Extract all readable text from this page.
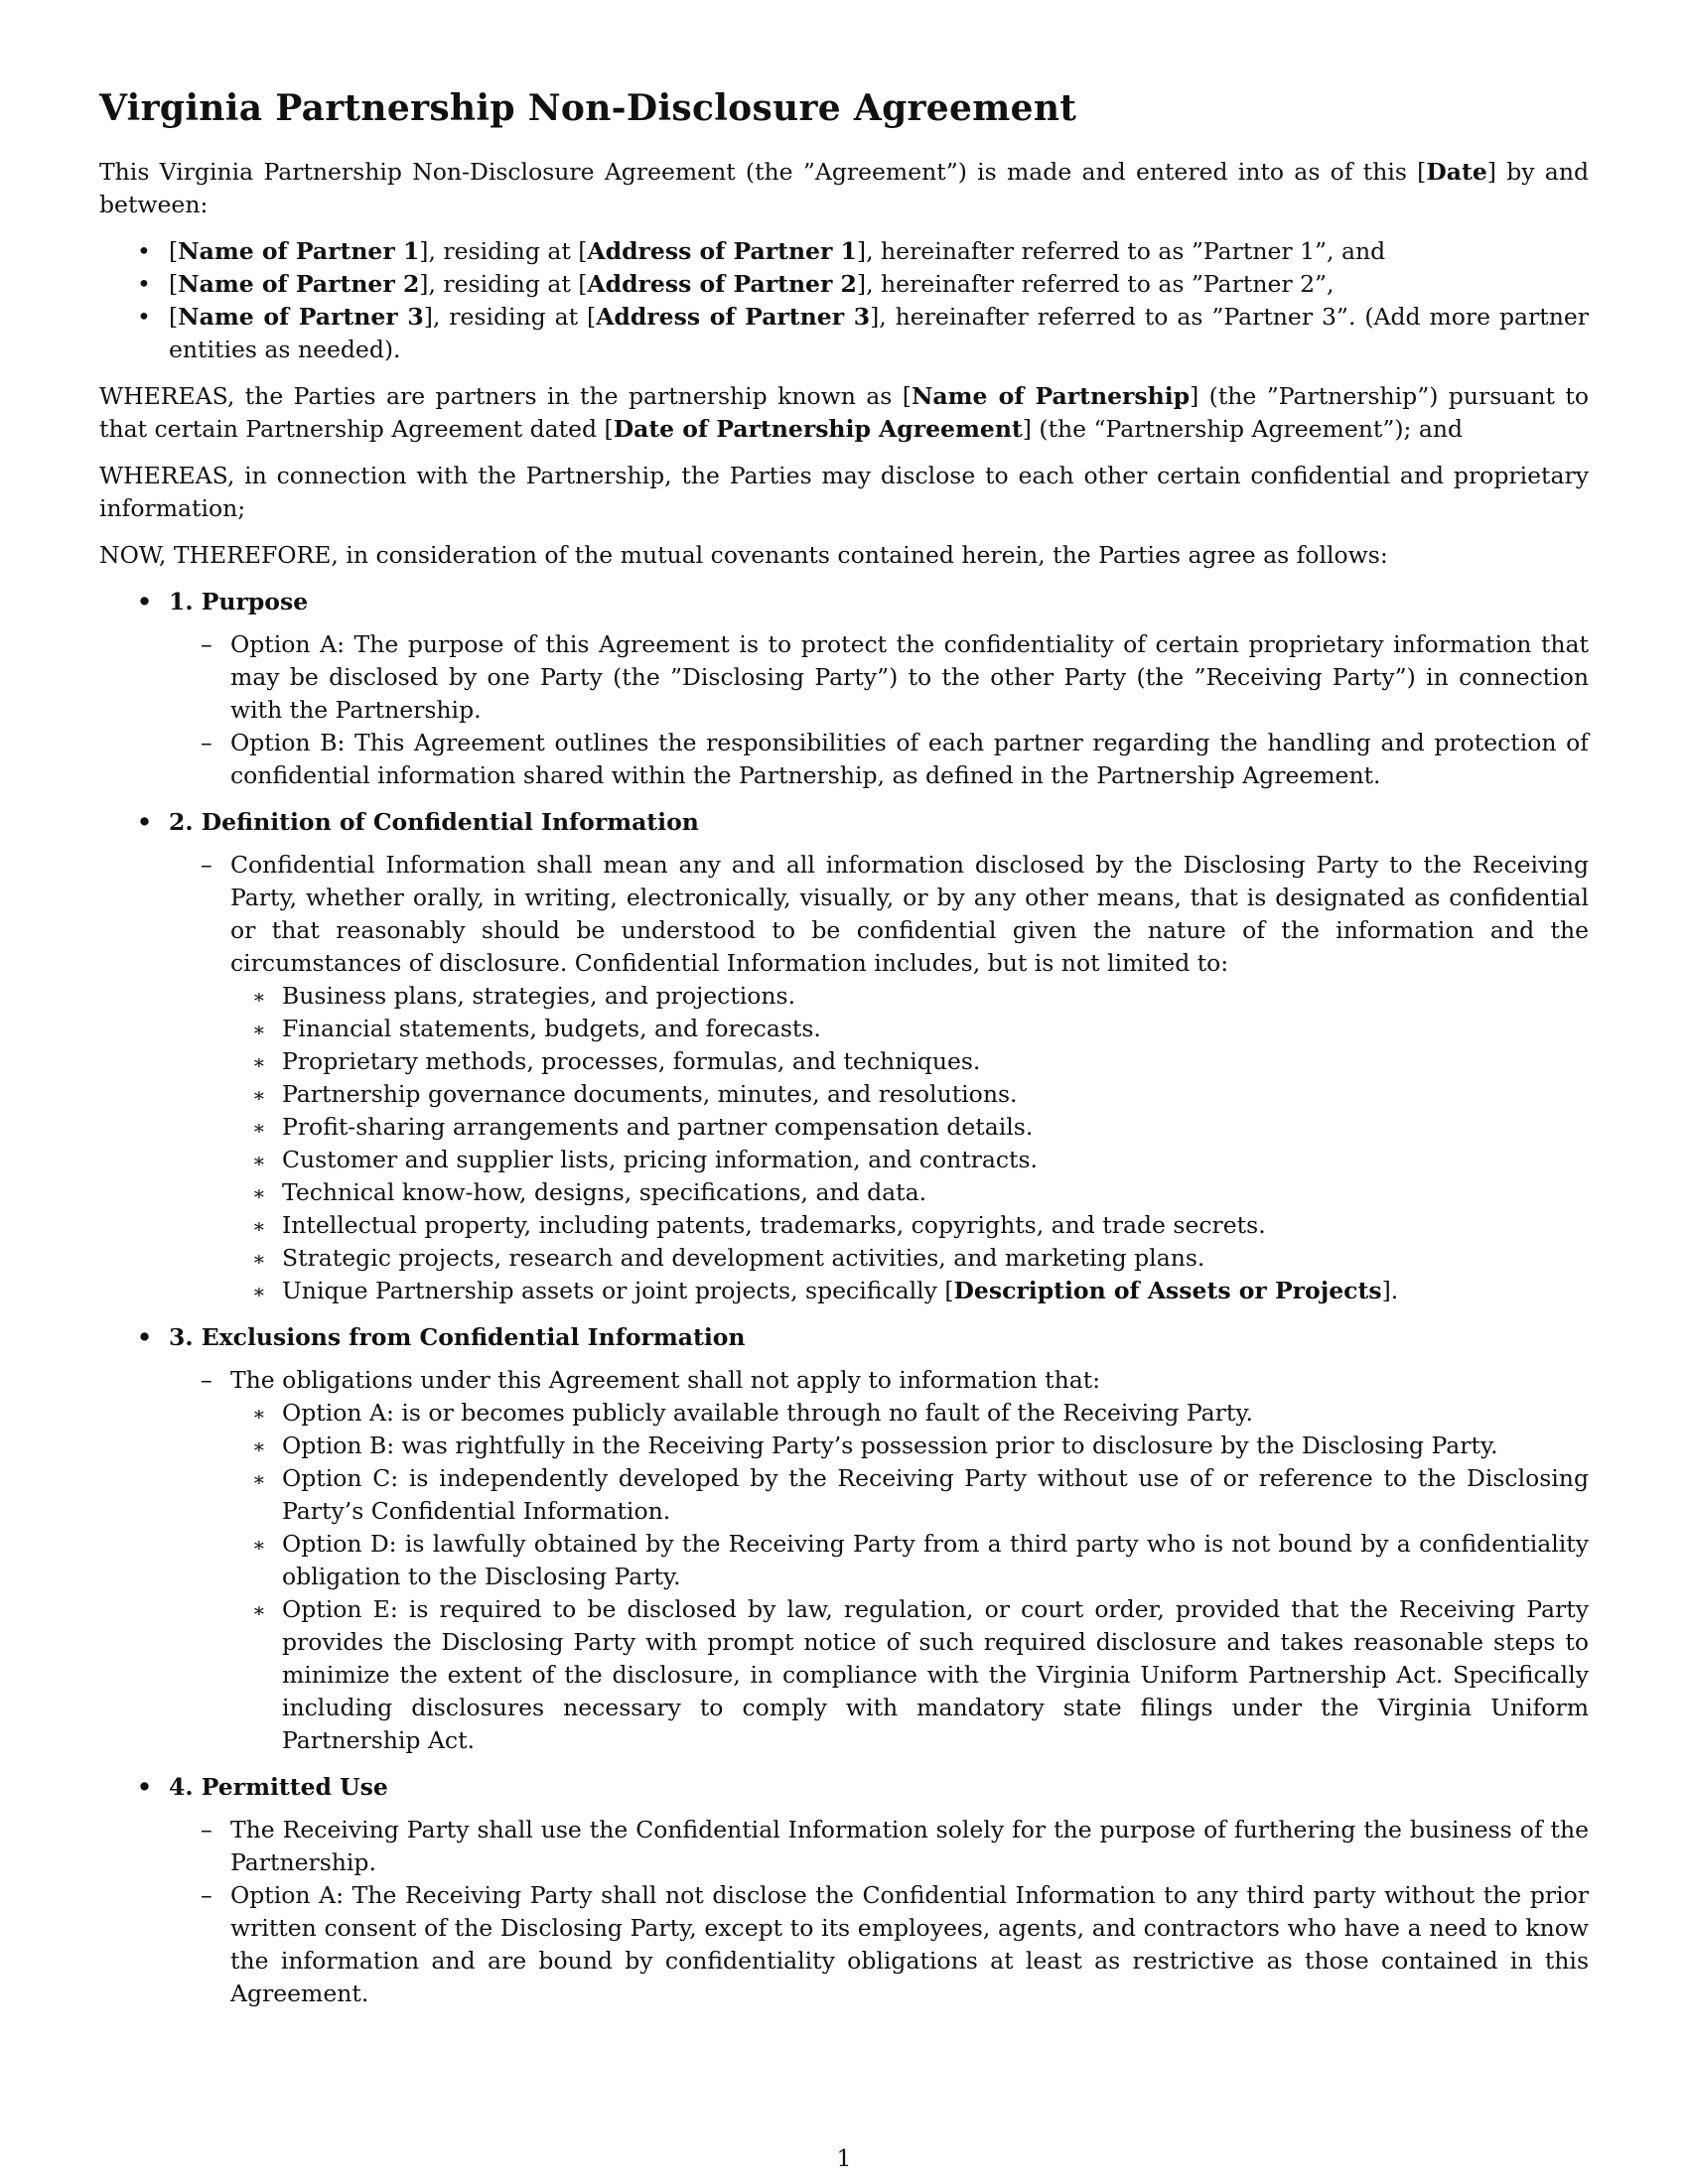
Virginia Partnership Non-Disclosure Agreement

This Virginia Partnership Non-Disclosure Agreement (the ”Agreement”) is made and entered into as of this [Date] by and between:

• [Name of Partner 1], residing at [Address of Partner 1], hereinafter referred to as ”Partner 1”, and
• [Name of Partner 2], residing at [Address of Partner 2], hereinafter referred to as ”Partner 2”,
• [Name of Partner 3], residing at [Address of Partner 3], hereinafter referred to as ”Partner 3”. (Add more partner entities as needed).

WHEREAS, the Parties are partners in the partnership known as [Name of Partnership] (the ”Partnership”) pursuant to that certain Partnership Agreement dated [Date of Partnership Agreement] (the “Partnership Agreement”); and

WHEREAS, in connection with the Partnership, the Parties may disclose to each other certain confidential and proprietary information;

NOW, THEREFORE, in consideration of the mutual covenants contained herein, the Parties agree as follows:

• 1. Purpose
– Option A: The purpose of this Agreement is to protect the confidentiality of certain proprietary information that may be disclosed by one Party (the ”Disclosing Party”) to the other Party (the ”Receiving Party”) in connection with the Partnership.
– Option B: This Agreement outlines the responsibilities of each partner regarding the handling and protection of confidential information shared within the Partnership, as defined in the Partnership Agreement.
• 2. Definition of Confidential Information
– Confidential Information shall mean any and all information disclosed by the Disclosing Party to the Receiving Party, whether orally, in writing, electronically, visually, or by any other means, that is designated as confidential or that reasonably should be understood to be confidential given the nature of the information and the circumstances of disclosure. Confidential Information includes, but is not limited to:
∗ Business plans, strategies, and projections.
∗ Financial statements, budgets, and forecasts.
∗ Proprietary methods, processes, formulas, and techniques.
∗ Partnership governance documents, minutes, and resolutions.
∗ Profit-sharing arrangements and partner compensation details.
∗ Customer and supplier lists, pricing information, and contracts.
∗ Technical know-how, designs, specifications, and data.
∗ Intellectual property, including patents, trademarks, copyrights, and trade secrets.
∗ Strategic projects, research and development activities, and marketing plans.
∗ Unique Partnership assets or joint projects, specifically [Description of Assets or Projects].
• 3. Exclusions from Confidential Information
– The obligations under this Agreement shall not apply to information that:
∗ Option A: is or becomes publicly available through no fault of the Receiving Party.
∗ Option B: was rightfully in the Receiving Party’s possession prior to disclosure by the Disclosing Party.
∗ Option C: is independently developed by the Receiving Party without use of or reference to the Disclosing Party’s Confidential Information.
∗ Option D: is lawfully obtained by the Receiving Party from a third party who is not bound by a confidentiality obligation to the Disclosing Party.
∗ Option E: is required to be disclosed by law, regulation, or court order, provided that the Receiving Party provides the Disclosing Party with prompt notice of such required disclosure and takes reasonable steps to minimize the extent of the disclosure, in compliance with the Virginia Uniform Partnership Act. Specifically including disclosures necessary to comply with mandatory state filings under the Virginia Uniform Partnership Act.
• 4. Permitted Use
– The Receiving Party shall use the Confidential Information solely for the purpose of furthering the business of the Partnership.
– Option A: The Receiving Party shall not disclose the Confidential Information to any third party without the prior written consent of the Disclosing Party, except to its employees, agents, and contractors who have a need to know the information and are bound by confidentiality obligations at least as restrictive as those contained in this Agreement.
1
